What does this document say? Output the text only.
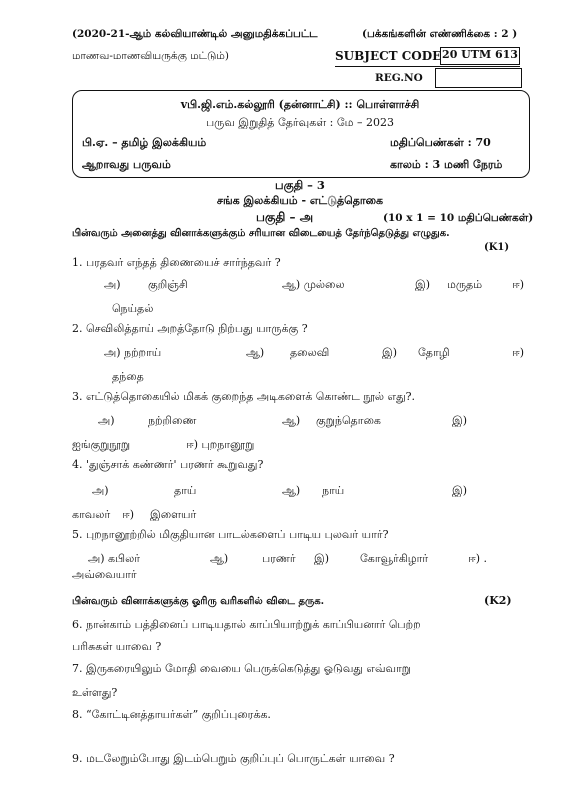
(2020-21-ஆம் கல்வியாண்டில் அனுமதிக்கப்பட்ட	(பக்கங்களின் எண்ணிக்கை : 2 )
மாணவ-மாணவியருக்கு மட்டும்)	SUBJECT CODE 20 UTM 613
REG.NO
vபி.ஜி.எம்.கல்லூரி (தன்னாட்சி) :: பொள்ளாச்சி
பருவ இறுதித் தேர்வுகள் : மே – 2023
பி.ஏ. – தமிழ் இலக்கியம்	மதிப்பெண்கள் : 70
ஆறாவது பருவம்	காலம் : 3 மணி நேரம்
பகுதி – 3
சங்க இலக்கியம் - எட்டுத்தொகை
பகுதி – அ	(10 x 1 = 10 மதிப்பெண்கள்)
பின்வரும் அனைத்து வினாக்களுக்கும் சரியான விடையைத் தேர்ந்தெடுத்து எழுதுக.
(K1)
1. பரதவர் எந்தத் திணையைச் சார்ந்தவர் ?
அ) குறிஞ்சி	ஆ) முல்லை	இ) மருதம்	ஈ)
நெய்தல்
2. செவிலித்தாய் அறத்தோடு நிற்பது யாருக்கு ?
அ) நற்றாய்	ஆ) தலைவி	இ) தோழி	ஈ)
தந்தை
3. எட்டுத்தொகையில் மிகக் குறைந்த அடிகளைக் கொண்ட நூல் எது?.
அ)	நற்றிணை	ஆ) குறுந்தொகை	இ)
ஐங்குறுநூறு	ஈ) புறநானூறு
4. 'துஞ்சாக் கண்ணர்' பரணர் கூறுவது?
அ)	தாய்	ஆ) நாய்	இ)
காவலர் ஈ) இளையர்
5. புறநானூற்றில் மிகுதியான பாடல்களைப் பாடிய புலவர் யார்?
அ) கபிலர்	ஆ)	பரணர் இ)	கோவூர்கிழார்	ஈ) .
அவ்வையார்
பின்வரும் வினாக்களுக்கு ஓரிரு வரிகளில் விடை தருக.	(K2)
6. நான்காம் பத்தினைப் பாடியதால் காப்பியாற்றுக் காப்பியனார் பெற்ற
பரிசுகள் யாவை ?
7. இருகரையிலும் மோதி வையை பெருக்கெடுத்து ஓடுவது எவ்வாறு
உள்ளது?
8. “கோட்டினத்தாயர்கள்” குறிப்புரைக்க.
9. மடலேறும்போது இடம்பெறும் குறிப்புப் பொருட்கள் யாவை ?
